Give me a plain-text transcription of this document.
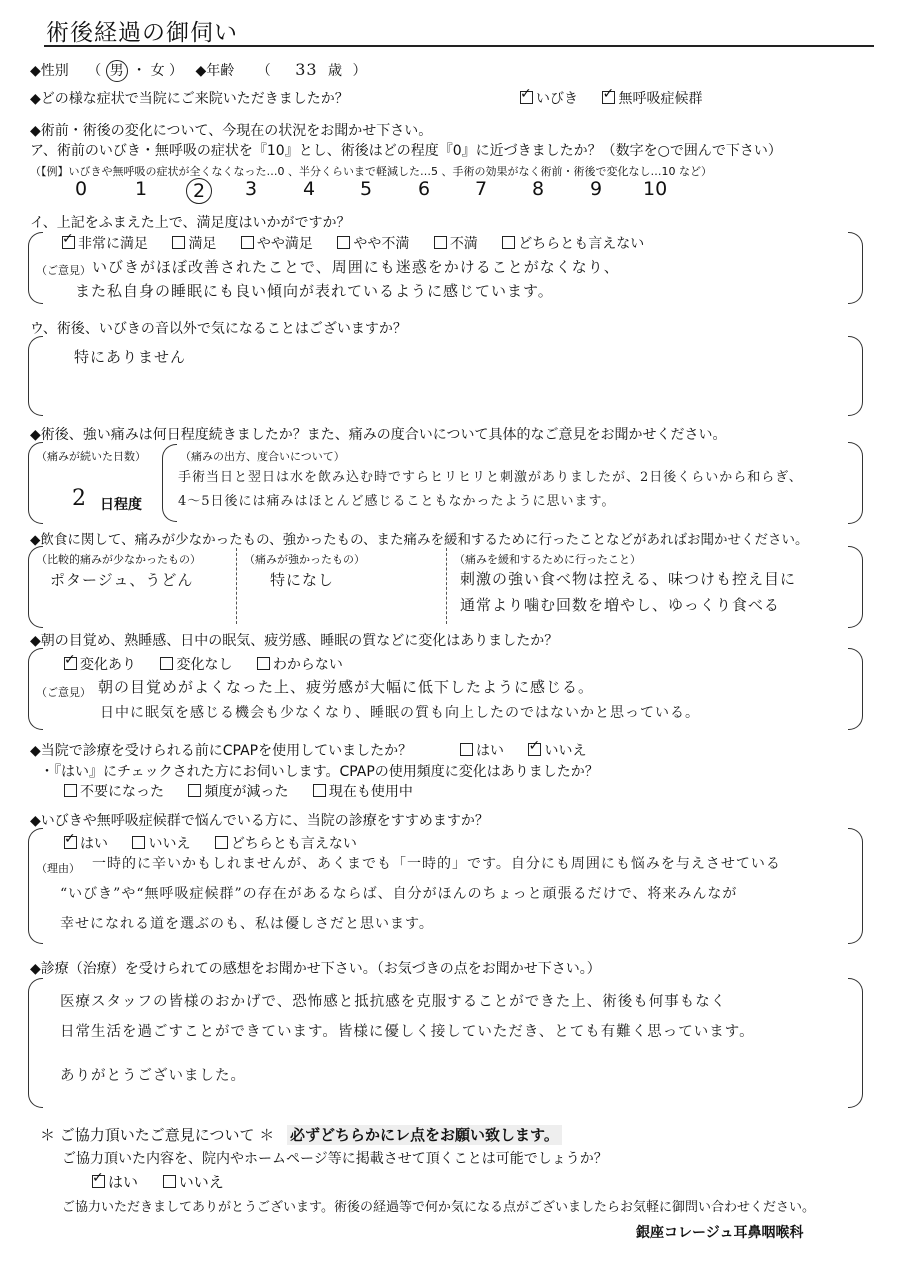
術後経過の御伺い
◆性別 （ 男 ・ 女 ） ◆年齢 （ 33 歳 ）
◆どの様な症状で当院にご来院いただきましたか？ ✓	いびき ✓	無呼吸症候群
◆術前・術後の変化について、今現在の状況をお聞かせ下さい。
ア、術前のいびき・無呼吸の症状を『10』とし、術後はどの程度『0』に近づきましたか？（数字を○で囲んで下さい）
（【例】いびきや無呼吸の症状が全くなくなった…0 、半分くらいまで軽減した…5 、手術の効果がなく術前・術後で変化なし…10 など）
0	1	2	3 4 5 6 7 8 9 10
イ、上記をふまえた上で、満足度はいかがですか？
✓非常に満足	満足	やや満足	やや不満	不満	どちらとも言えない
（ご意見） いびきがほぼ改善されたことで、周囲にも迷惑をかけることがなくなり、
また私自身の睡眠にも良い傾向が表れているように感じています。
ウ、術後、いびきの音以外で気になることはございますか？
特にありません
◆術後、強い痛みは何日程度続きましたか？また、痛みの度合いについて具体的なご意見をお聞かせください。
（痛みが続いた日数）
2 日程度
（痛みの出方、度合いについて）
手術当日と翌日は水を飲み込む時ですらヒリヒリと刺激がありましたが、2日後くらいから和らぎ、
4〜5日後には痛みはほとんど感じることもなかったように思います。
◆飲食に関して、痛みが少なかったもの、強かったもの、また痛みを緩和するために行ったことなどがあればお聞かせください。
（比較的痛みが少なかったもの）
ポタージュ、うどん
（痛みが強かったもの）
特になし
（痛みを緩和するために行ったこと）
刺激の強い食べ物は控える、味つけも控え目に
通常より噛む回数を増やし、ゆっくり食べる
◆朝の目覚め、熟睡感、日中の眠気、疲労感、睡眠の質などに変化はありましたか？
✓変化あり	変化なし	わからない
（ご意見） 朝の目覚めがよくなった上、疲労感が大幅に低下したように感じる。
日中に眠気を感じる機会も少なくなり、睡眠の質も向上したのではないかと思っている。
◆当院で診療を受けられる前にCPAPを使用していましたか？	はい ✓	いいえ
・『はい』にチェックされた方にお伺いします。CPAPの使用頻度に変化はありましたか？
不要になった	頻度が減った	現在も使用中
◆いびきや無呼吸症候群で悩んでいる方に、当院の診療をすすめますか？
✓はい	いいえ	どちらとも言えない
（理由） 一時的に辛いかもしれませんが、あくまでも「一時的」です。自分にも周囲にも悩みを与えさせている
“いびき”や“無呼吸症候群”の存在があるならば、自分がほんのちょっと頑張るだけで、将来みんなが
幸せになれる道を選ぶのも、私は優しさだと思います。
◆診療（治療）を受けられての感想をお聞かせ下さい。（お気づきの点をお聞かせ下さい。）
医療スタッフの皆様のおかげで、恐怖感と抵抗感を克服することができた上、術後も何事もなく
日常生活を過ごすことができています。皆様に優しく接していただき、とても有難く思っています。
ありがとうございました。
＊ ご協力頂いたご意見について ＊ 必ずどちらかにレ点をお願い致します。
ご協力頂いた内容を、院内やホームページ等に掲載させて頂くことは可能でしょうか？
✓はい	いいえ
ご協力いただきましてありがとうございます。術後の経過等で何か気になる点がございましたらお気軽に御問い合わせください。
銀座コレージュ耳鼻咽喉科
